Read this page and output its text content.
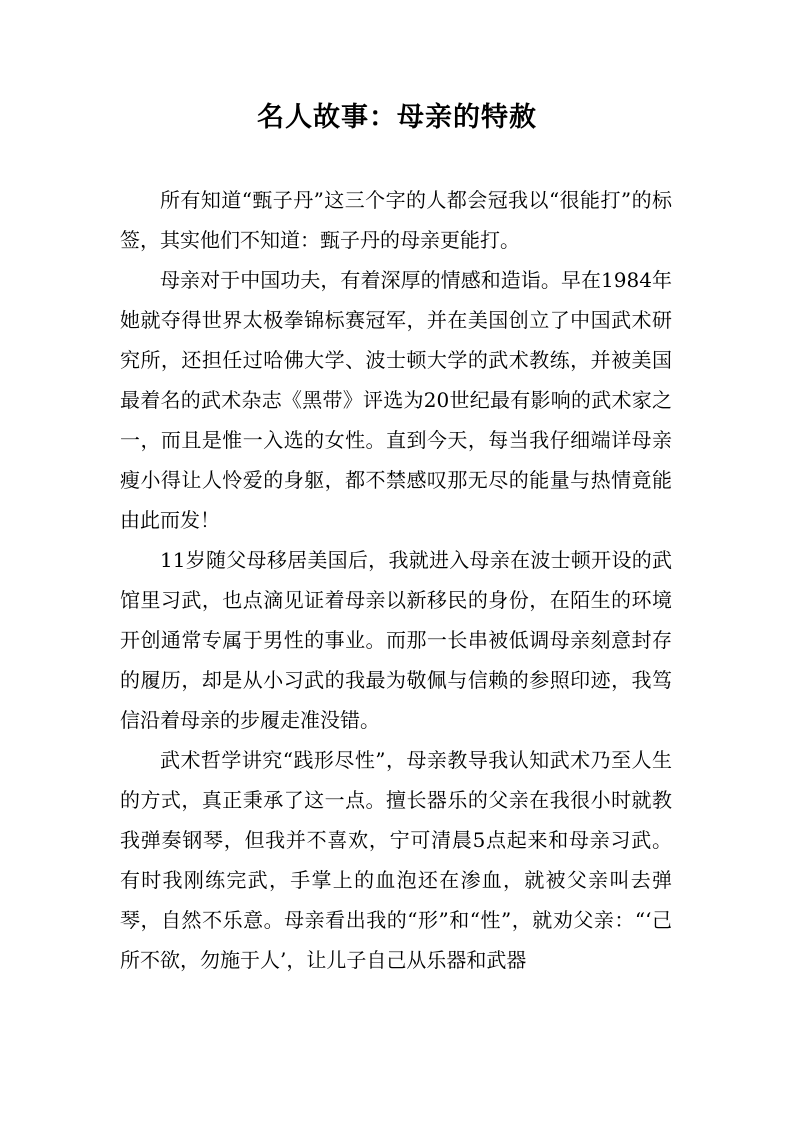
名人故事：母亲的特赦

所有知道“甄子丹”这三个字的人都会冠我以“很能打”的标签，其实他们不知道：甄子丹的母亲更能打。

母亲对于中国功夫，有着深厚的情感和造诣。早在1984年她就夺得世界太极拳锦标赛冠军，并在美国创立了中国武术研究所，还担任过哈佛大学、波士顿大学的武术教练，并被美国最着名的武术杂志《黑带》评选为20世纪最有影响的武术家之一，而且是惟一入选的女性。直到今天，每当我仔细端详母亲瘦小得让人怜爱的身躯，都不禁感叹那无尽的能量与热情竟能由此而发！

11岁随父母移居美国后，我就进入母亲在波士顿开设的武馆里习武，也点滴见证着母亲以新移民的身份，在陌生的环境开创通常专属于男性的事业。而那一长串被低调母亲刻意封存的履历，却是从小习武的我最为敬佩与信赖的参照印迹，我笃信沿着母亲的步履走准没错。

武术哲学讲究“践形尽性”，母亲教导我认知武术乃至人生的方式，真正秉承了这一点。擅长器乐的父亲在我很小时就教我弹奏钢琴，但我并不喜欢，宁可清晨5点起来和母亲习武。有时我刚练完武，手掌上的血泡还在渗血，就被父亲叫去弹琴，自然不乐意。母亲看出我的“形”和“性”，就劝父亲：“‘己所不欲，勿施于人’，让儿子自己从乐器和武器
